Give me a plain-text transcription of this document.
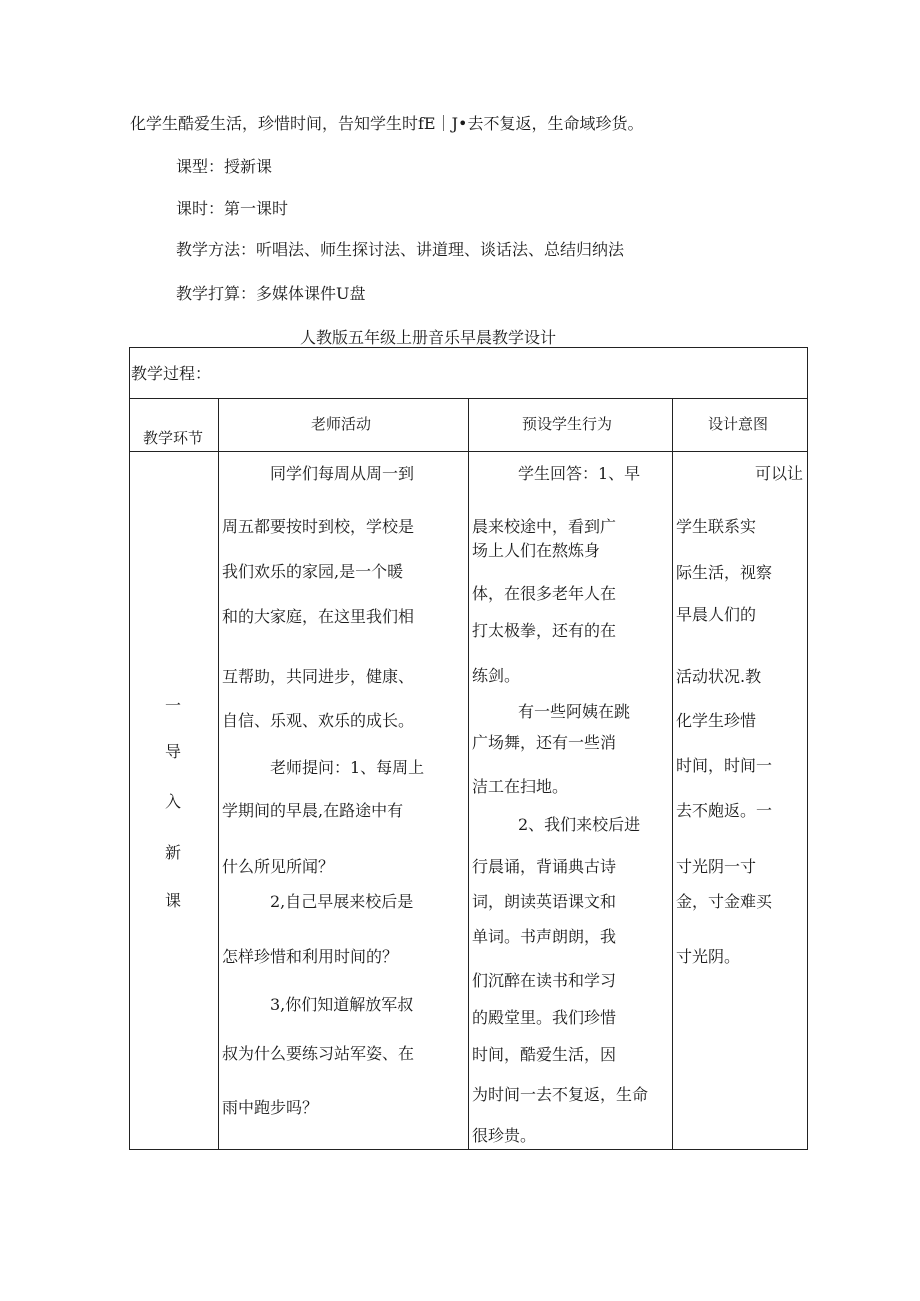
化学生酷爱生活，珍惜时间，告知学生时fE｜J•去不复返，生命域珍货。
课型：授新课
课时：第一课时
教学方法：听唱法、师生探讨法、讲道理、谈话法、总结归纳法
教学打算：多媒体课件U盘
人教版五年级上册音乐早晨教学设计
教学过程：
教学环节
老师活动	预设学生行为	设计意图
一
导
入
新
课
同学们每周从周一到
周五都要按时到校，学校是
我们欢乐的家园,是一个暖
和的大家庭，在这里我们相
互帮助，共同进步，健康、
自信、乐观、欢乐的成长。
老师提问：1、每周上
学期间的早晨,在路途中有
什么所见所闻？
2,自己早展来校后是
怎样珍惜和利用时间的？
3,你们知道解放军叔
叔为什么要练习站军姿、在
雨中跑步吗？
学生回答：1、早
晨来校途中，看到广
场上人们在熬炼身
体，在很多老年人在
打太极拳，还有的在
练剑。
有一些阿姨在跳
广场舞，还有一些消
洁工在扫地。
2、我们来校后进
行晨诵，背诵典古诗
词，朗读英语课文和
单词。书声朗朗，我
们沉醉在读书和学习
的殿堂里。我们珍惜
时间，酷爱生活，因
为时间一去不复返，生命
很珍贵。
可以让
学生联系实
际生活，视察
早晨人们的
活动状况.教
化学生珍惜
时间，时间一
去不皰返。一
寸光阴一寸
金，寸金难买
寸光阴。
